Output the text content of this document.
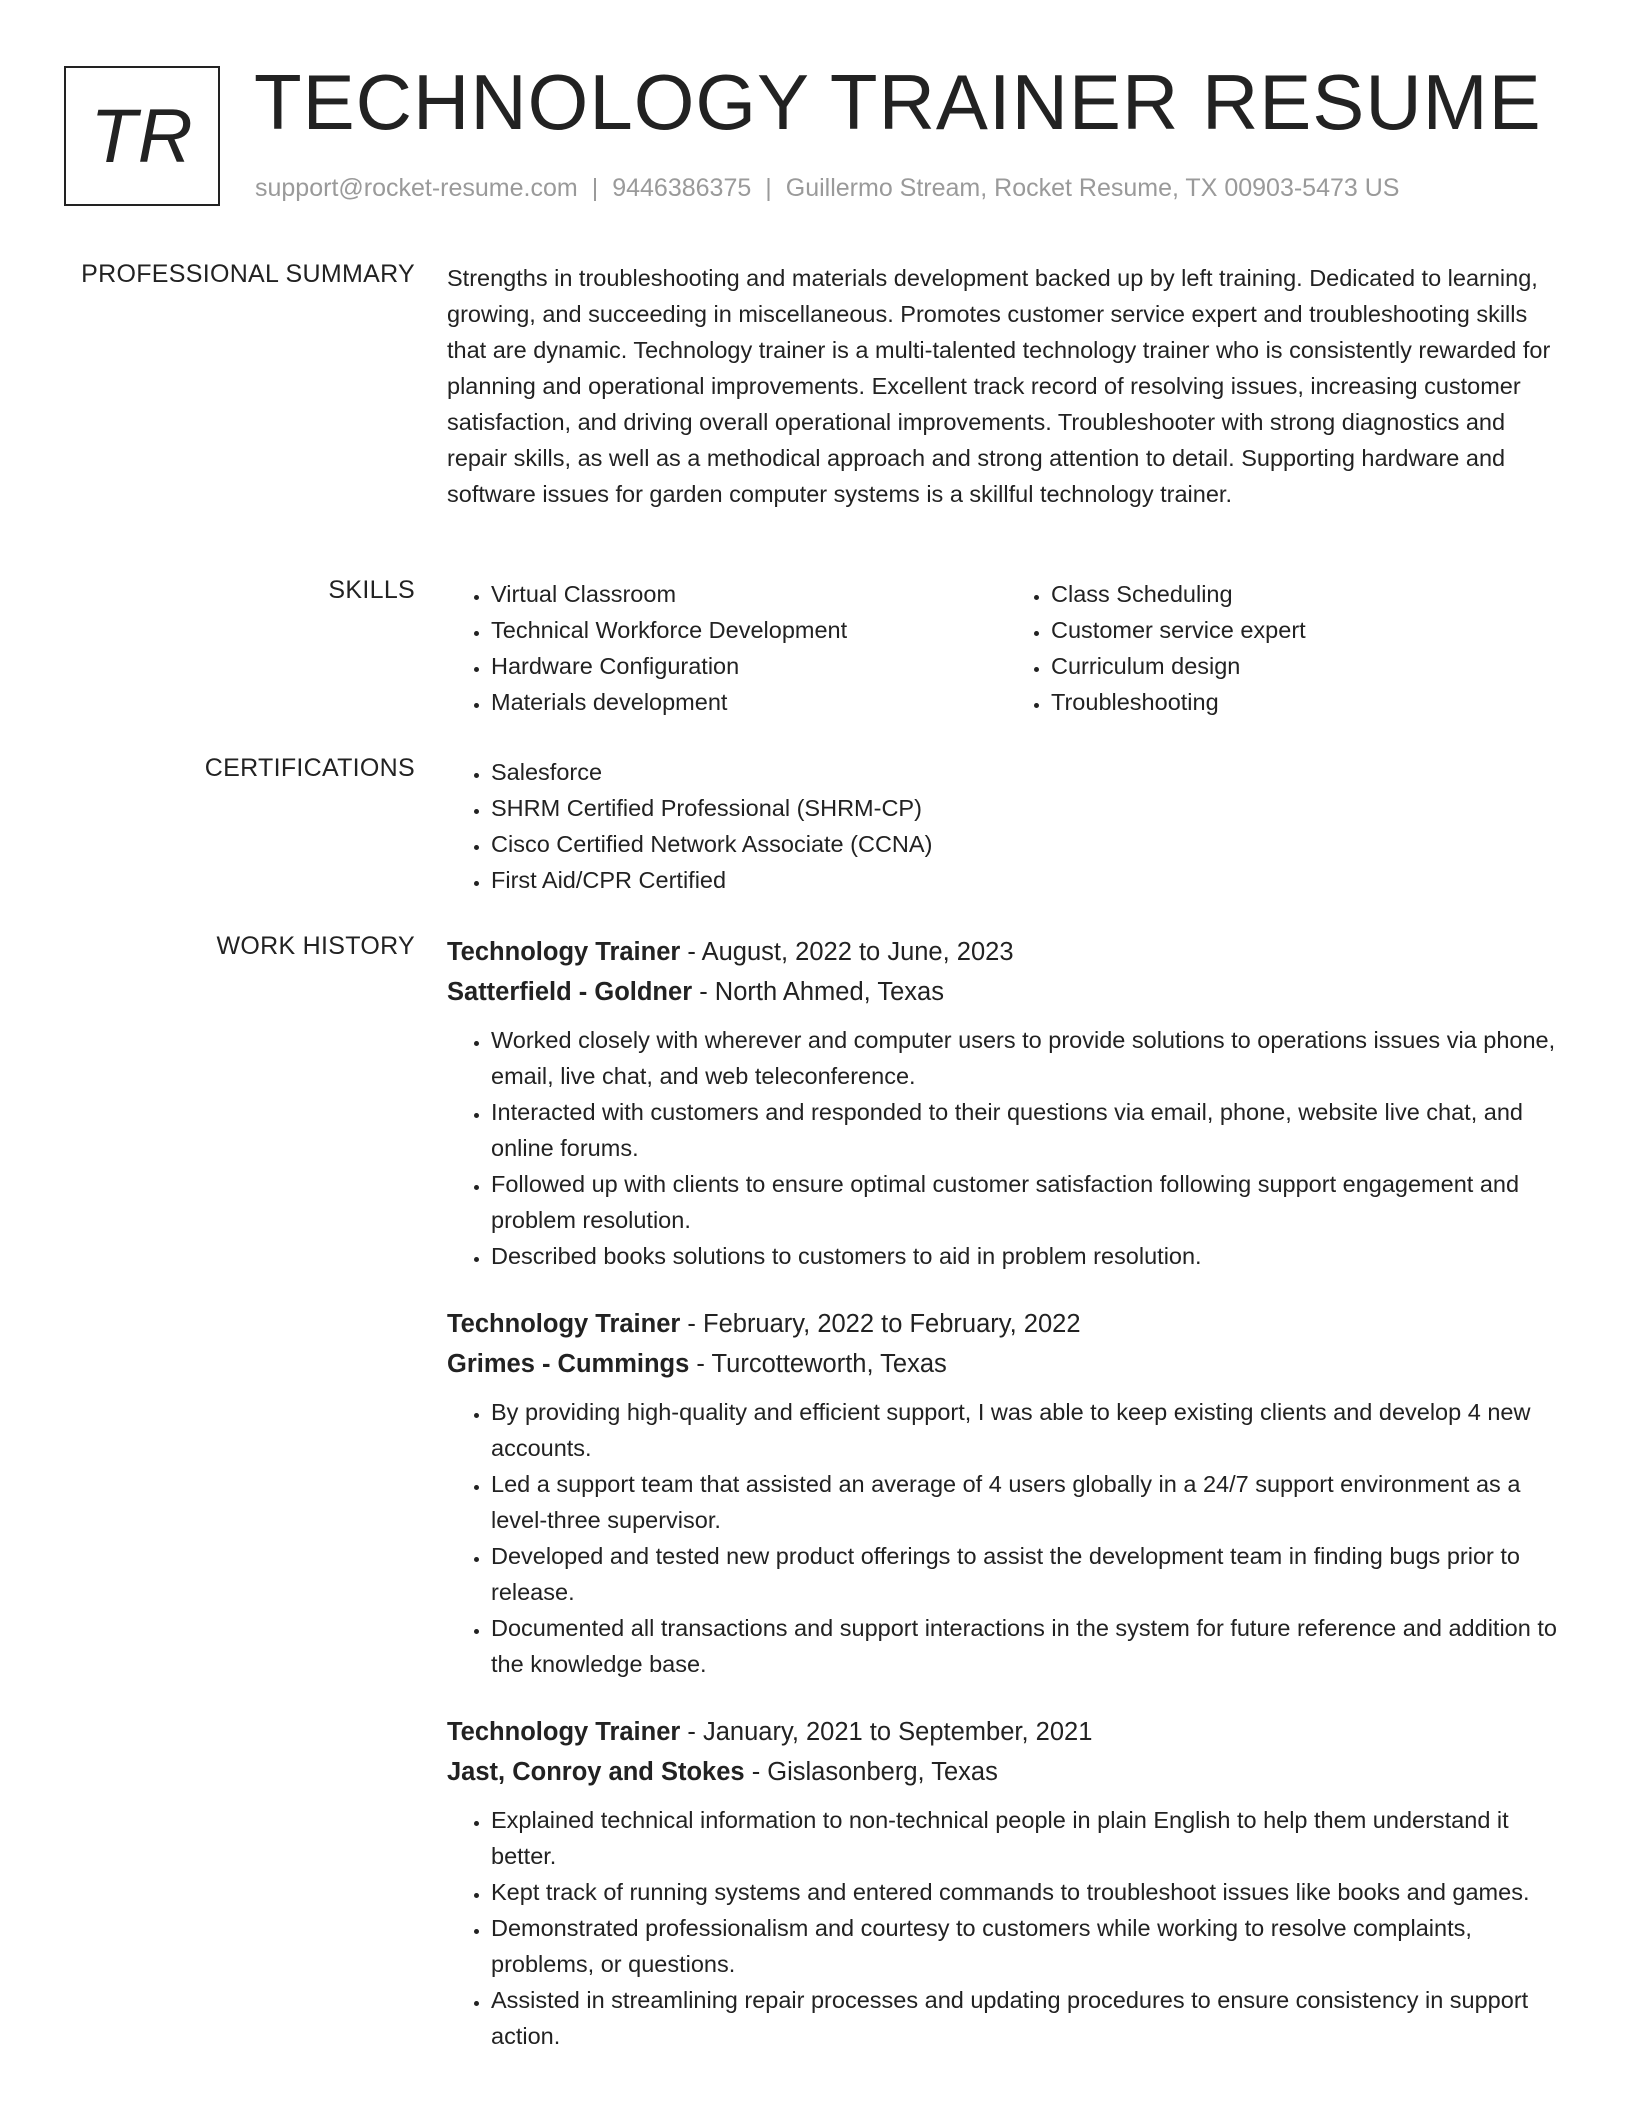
TR TECHNOLOGY TRAINER RESUME
support@rocket-resume.com | 9446386375 | Guillermo Stream, Rocket Resume, TX 00903-5473 US
PROFESSIONAL SUMMARY Strengths in troubleshooting and materials development backed up by left training. Dedicated to learning, growing, and succeeding in miscellaneous. Promotes customer service expert and troubleshooting skills that are dynamic. Technology trainer is a multi-talented technology trainer who is consistently rewarded for planning and operational improvements. Excellent track record of resolving issues, increasing customer satisfaction, and driving overall operational improvements. Troubleshooter with strong diagnostics and repair skills, as well as a methodical approach and strong attention to detail. Supporting hardware and software issues for garden computer systems is a skillful technology trainer.

SKILLS	• Virtual Classroom
• Technical Workforce Development
• Hardware Configuration
• Materials development
• Class Scheduling
• Customer service expert
• Curriculum design
• Troubleshooting
CERTIFICATIONS	• Salesforce
• SHRM Certified Professional (SHRM-CP)
• Cisco Certified Network Associate (CCNA)
• First Aid/CPR Certified
WORK HISTORY Technology Trainer - August, 2022 to June, 2023
Satterfield - Goldner - North Ahmed, Texas
• Worked closely with wherever and computer users to provide solutions to operations issues via phone, email, live chat, and web teleconference.
• Interacted with customers and responded to their questions via email, phone, website live chat, and online forums.
• Followed up with clients to ensure optimal customer satisfaction following support engagement and problem resolution.
• Described books solutions to customers to aid in problem resolution.
Technology Trainer - February, 2022 to February, 2022
Grimes - Cummings - Turcotteworth, Texas
• By providing high-quality and efficient support, I was able to keep existing clients and develop 4 new accounts.
• Led a support team that assisted an average of 4 users globally in a 24/7 support environment as a level-three supervisor.
• Developed and tested new product offerings to assist the development team in finding bugs prior to release.
• Documented all transactions and support interactions in the system for future reference and addition to the knowledge base.
Technology Trainer - January, 2021 to September, 2021
Jast, Conroy and Stokes - Gislasonberg, Texas
• Explained technical information to non-technical people in plain English to help them understand it better.
• Kept track of running systems and entered commands to troubleshoot issues like books and games.
• Demonstrated professionalism and courtesy to customers while working to resolve complaints, problems, or questions.
• Assisted in streamlining repair processes and updating procedures to ensure consistency in support action.
